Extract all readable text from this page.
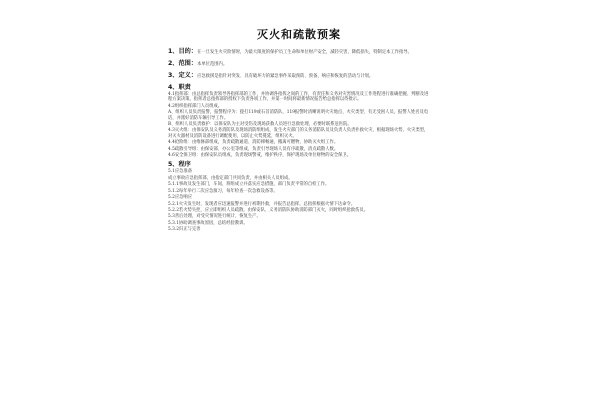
灭火和疏散预案
1、目的：在一旦发生火灾险情时，为最大限度的保护员工生命和单位财产安全，减轻灾害，降低损失，特制定本工作指导。
2、范围：本单位范围内。
3、定义：应急救援是指针对突发、具有破坏力的紧急事件采取预防、预备、响应和恢复的活动与计划。
4、职责

4.1指挥部：由总指挥负责领导各指挥部的工作，并协调各指挥之间的工作，有责任和义务对灾害情况及工作进程进行准确把握、判断及进程方案决策。指挥者总指挥部的授权下负责各项工作，并第一时间将最新情况报告给总指挥以待批示。

4.2组织指挥部门人员组成。

A、组织人员负责报警，报警程序为：拨打119或石首消防队，119报警时清晰说明火灾地点、火灾类型、有无受困人员，报警人姓名及电话，并派好消防车辆引导工作。

B、组织人员负责救护：以保安队为主对受伤及现场获救人员进行急救处理，必要时联系送医院。

4.3灭火组：由保安队及义务消防队及现场消防组组成，发生火灾部门的义务消防队员及负责人负责扑救火灾，根据现场火势、火灾类型，对灭火器材及消防设备进行调配使用，以防止火势蔓延，组织灭火。

4.4抢险组：由维修部组成，负责疏散通道、消防梯畅通，搬离可燃物，协助灭火组工作。

4.5疏散引导组：由保安部、办公室等组成，负责引导现场人员有序疏散，清点疏散人数。

4.6安全保卫组：由保安队员组成，负责现场警戒，维护秩序，保护现场及单位财物的安全保卫。

5、程序

5.1应急准备

成立事故应急指挥部，由指定部门共同负责，并由相关人员组成。

5.1.1事故及发生部门，车间，班组成立并落实应急措施，部门负责平常的自检工作。

5.1.2每年举行二次应急演习，每年检查一次急救设备等。

5.2应急响应

5.2.1火灾发生时，发现者应迅速报警并进行初期扑救，并报告总指挥，总指挥根据火情下达命令。

5.2.2若火势失控，应立即组织人员疏散，由保安队、义务消防队协助消防部门灭火，同时组织抢救伤员。

5.3善后处理，对受灾情况进行统计，恢复生产。

5.3.1协助调查事故原因，总结经验教训。

5.3.2归正与完善
